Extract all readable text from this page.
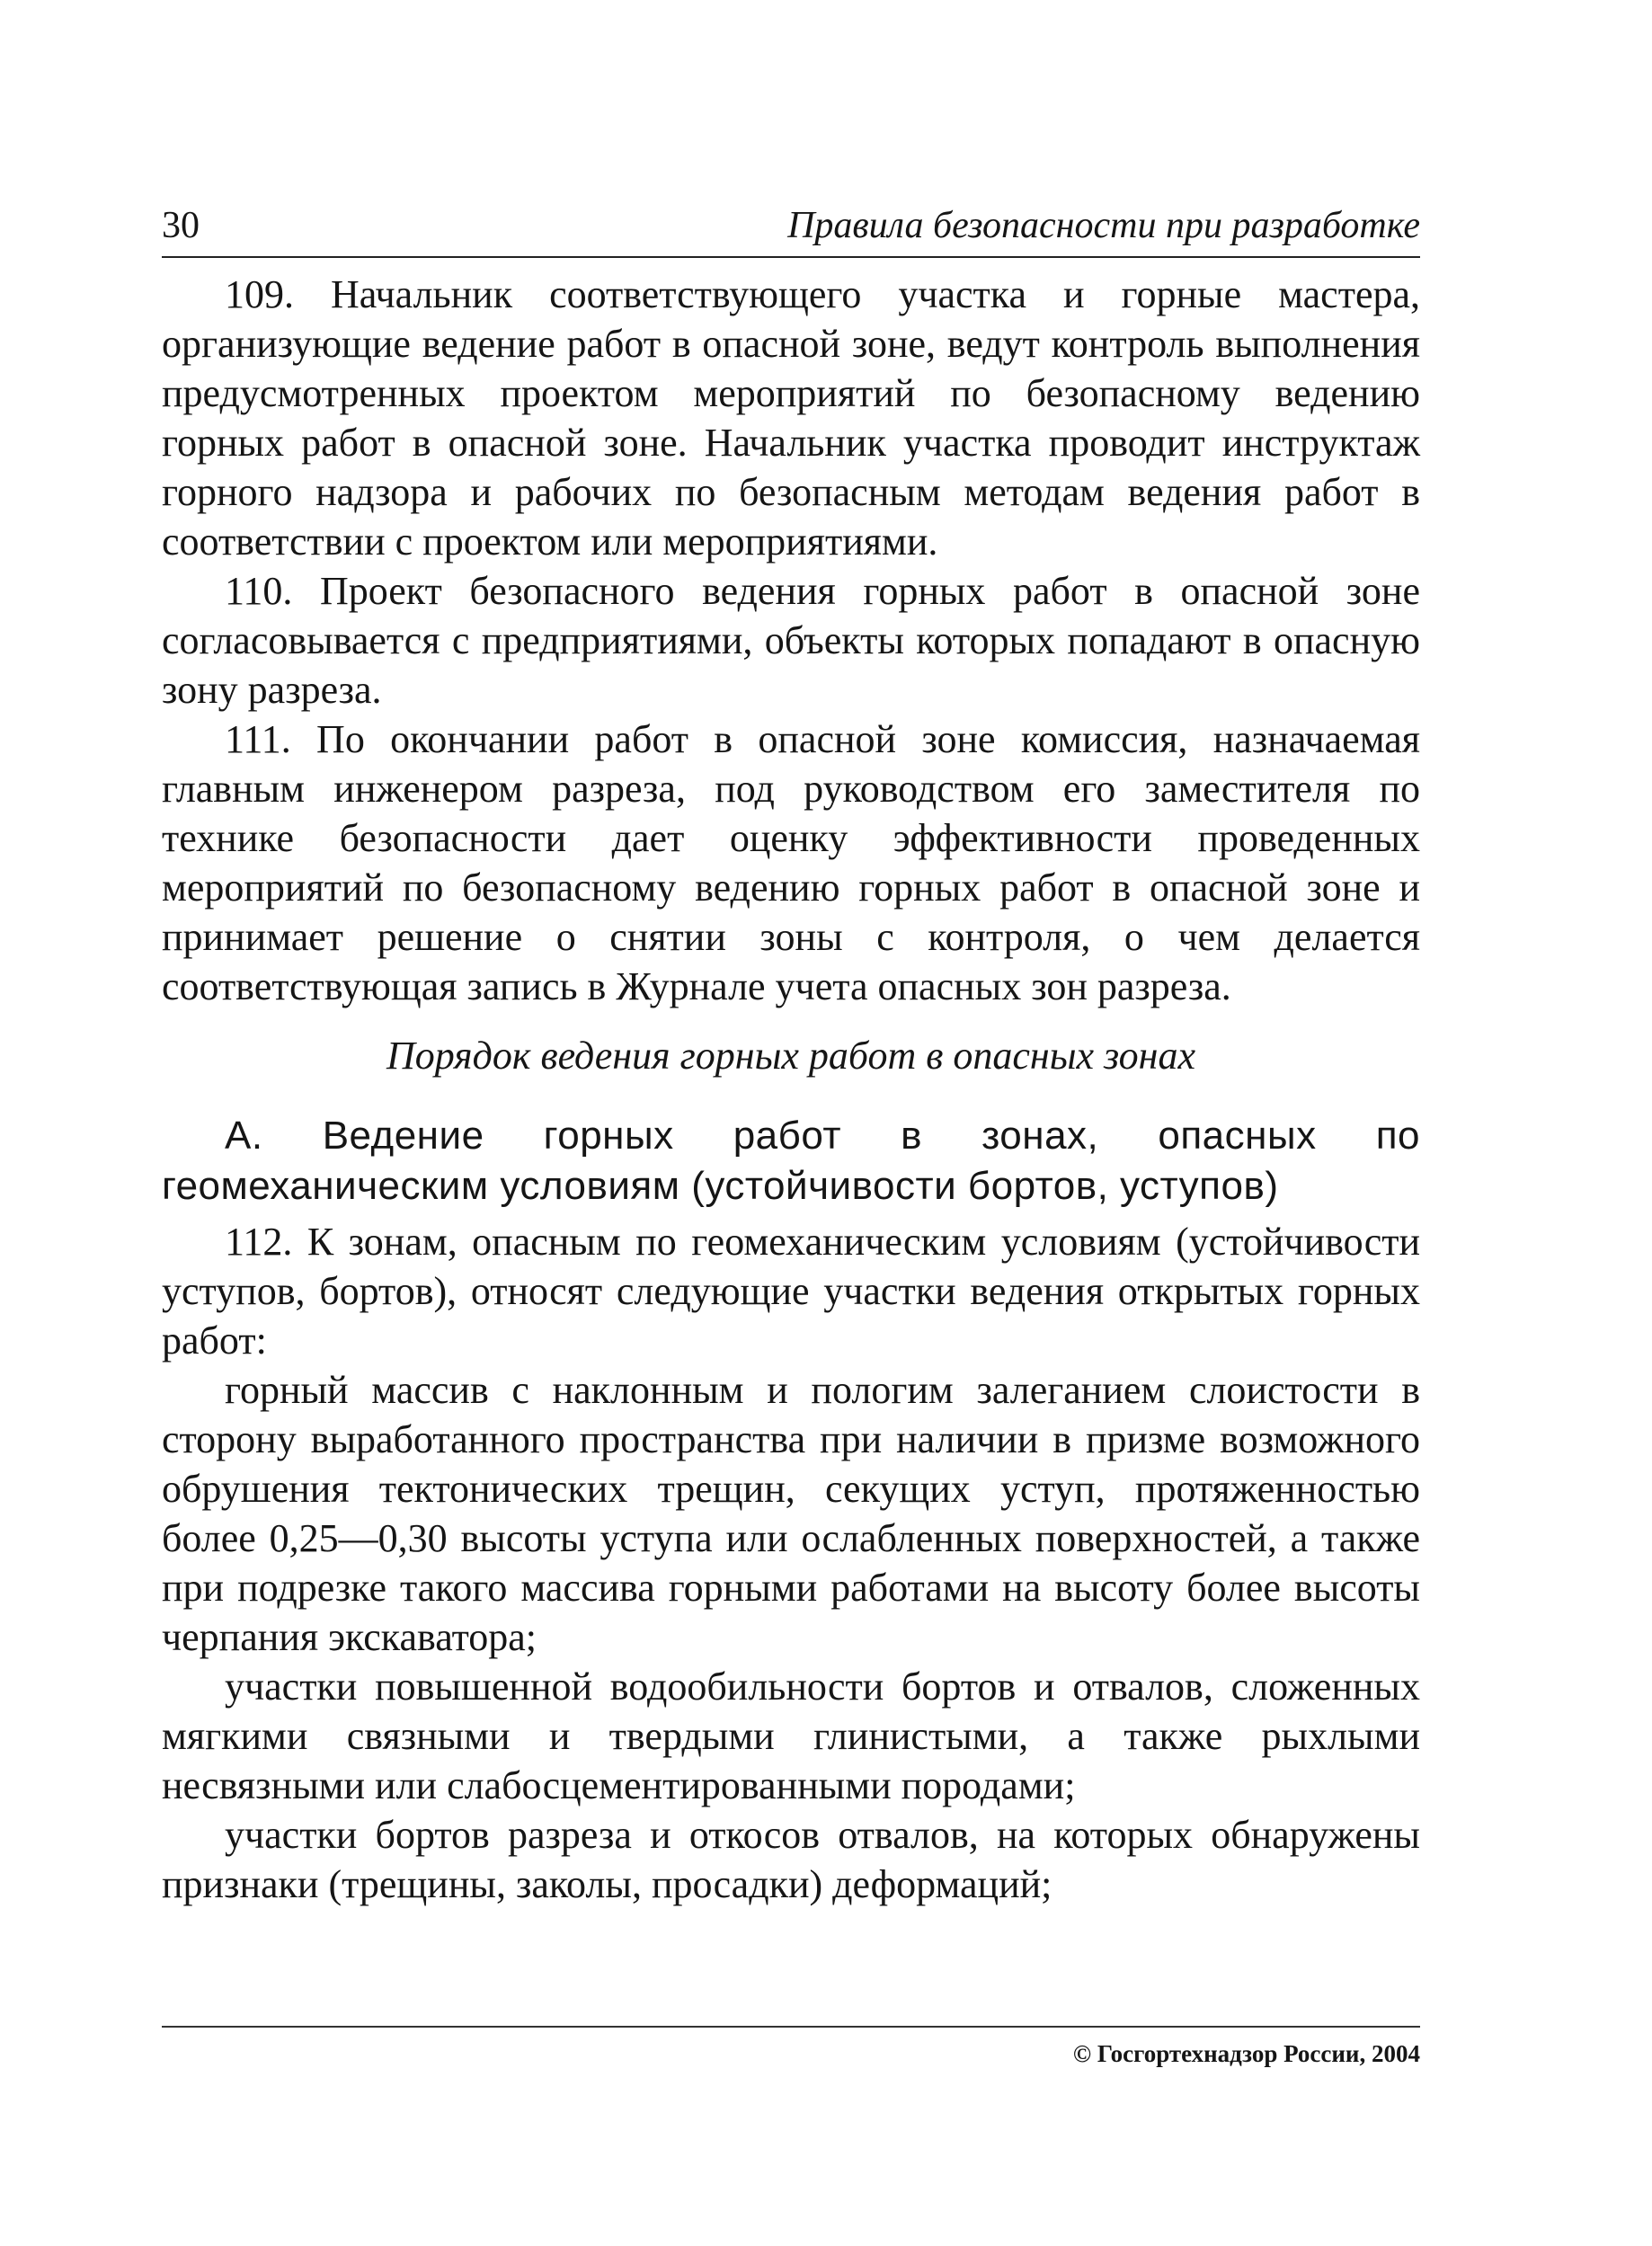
30	Правила безопасности при разработке

109. Начальник соответствующего участка и горные мастера, организующие ведение работ в опасной зоне, ведут контроль выполнения предусмотренных проектом мероприятий по безопасному ведению горных работ в опасной зоне. Начальник участка проводит инструктаж горного надзора и рабочих по безопасным методам ведения работ в соответствии с проектом или мероприятиями.

110. Проект безопасного ведения горных работ в опасной зоне согласовывается с предприятиями, объекты которых попадают в опасную зону разреза.

111. По окончании работ в опасной зоне комиссия, назначаемая главным инженером разреза, под руководством его заместителя по технике безопасности дает оценку эффективности проведенных мероприятий по безопасному ведению горных работ в опасной зоне и принимает решение о снятии зоны с контроля, о чем делается соответствующая запись в Журнале учета опасных зон разреза.

Порядок ведения горных работ в опасных зонах

А. Ведение горных работ в зонах, опасных по геомеханическим условиям (устойчивости бортов, уступов)

112. К зонам, опасным по геомеханическим условиям (устойчивости уступов, бортов), относят следующие участки ведения открытых горных работ:

горный массив с наклонным и пологим залеганием слоистости в сторону выработанного пространства при наличии в призме возможного обрушения тектонических трещин, секущих уступ, протяженностью более 0,25—0,30 высоты уступа или ослабленных поверхностей, а также при подрезке такого массива горными работами на высоту более высоты черпания экскаватора;

участки повышенной водообильности бортов и отвалов, сложенных мягкими связными и твердыми глинистыми, а также рыхлыми несвязными или слабосцементированными породами;

участки бортов разреза и откосов отвалов, на которых обнаружены признаки (трещины, заколы, просадки) деформаций;

© Госгортехнадзор России, 2004
